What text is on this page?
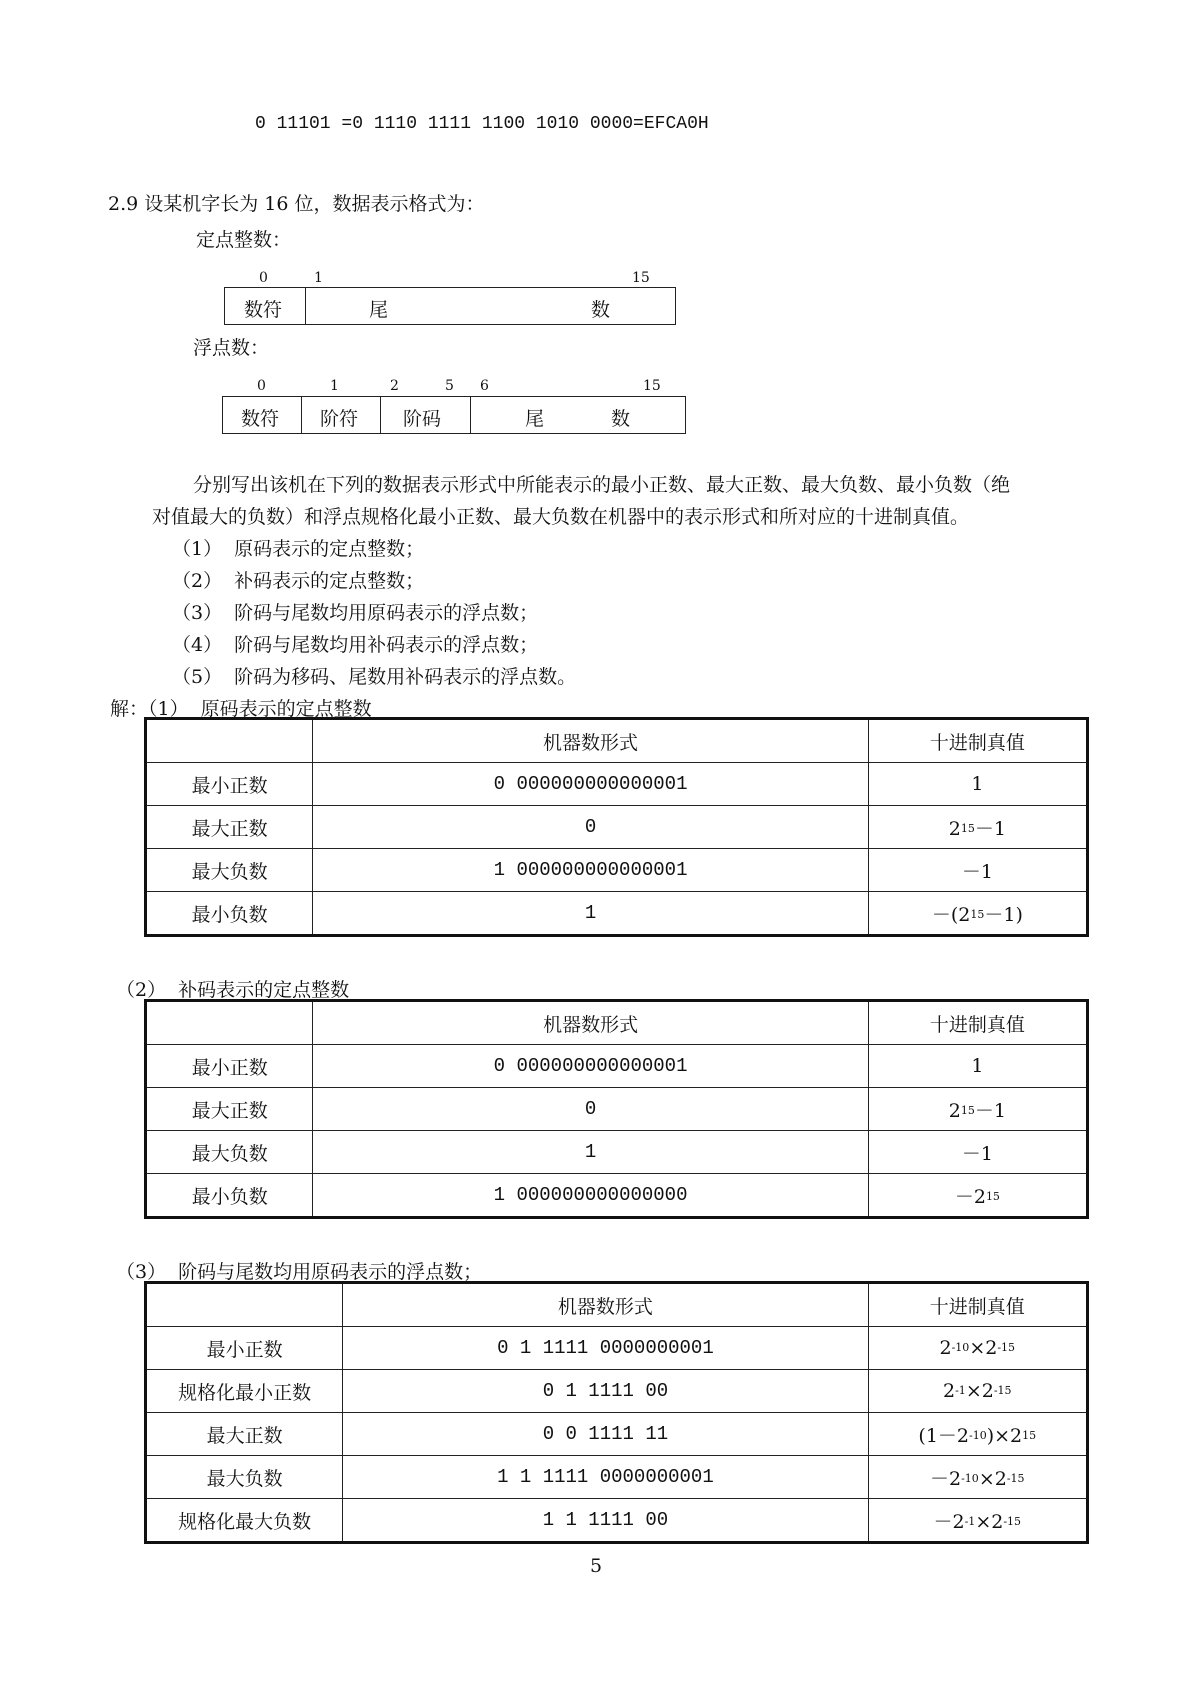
0 11101 =0 1110 1111 1100 1010 0000=EFCA0H
2.9 设某机字长为 16 位，数据表示格式为：
定点整数：
0	1	15
数符	尾	数
浮点数：
0	1	2	5 6	15
数符 阶符 阶码	尾	数
分别写出该机在下列的数据表示形式中所能表示的最小正数、最大正数、最大负数、最小负数（绝
对值最大的负数）和浮点规格化最小正数、最大负数在机器中的表示形式和所对应的十进制真值。
（1）  原码表示的定点整数；
（2）  补码表示的定点整数；
（3）  阶码与尾数均用原码表示的浮点数；
（4）  阶码与尾数均用补码表示的浮点数；
（5）  阶码为移码、尾数用补码表示的浮点数。
解：（1）  原码表示的定点整数
	机器数形式	十进制真值
最小正数	0 000000000000001	1
最大正数	0	$2^{15}-1$
最大负数	1 000000000000001	－1
最小负数	1	$-(2^{15}-1)$
（2）  补码表示的定点整数
	机器数形式	十进制真值
最小正数	0 000000000000001	1
最大正数	0	$2^{15}-1$
最大负数	1	－1
最小负数	1 000000000000000	$-2^{15}$
（3）  阶码与尾数均用原码表示的浮点数；
	机器数形式	十进制真值
最小正数	0 1 1111 0000000001	$2^{-10}\times 2^{-15}$
规格化最小正数	0 1 1111 00	$2^{-1}\times 2^{-15}$
最大正数	0 0 1111 11	$(1-2^{-10})\times 2^{15}$
最大负数	1 1 1111 0000000001	$-2^{-10}\times 2^{-15}$
规格化最大负数	1 1 1111 00	$-2^{-1}\times 2^{-15}$
5
